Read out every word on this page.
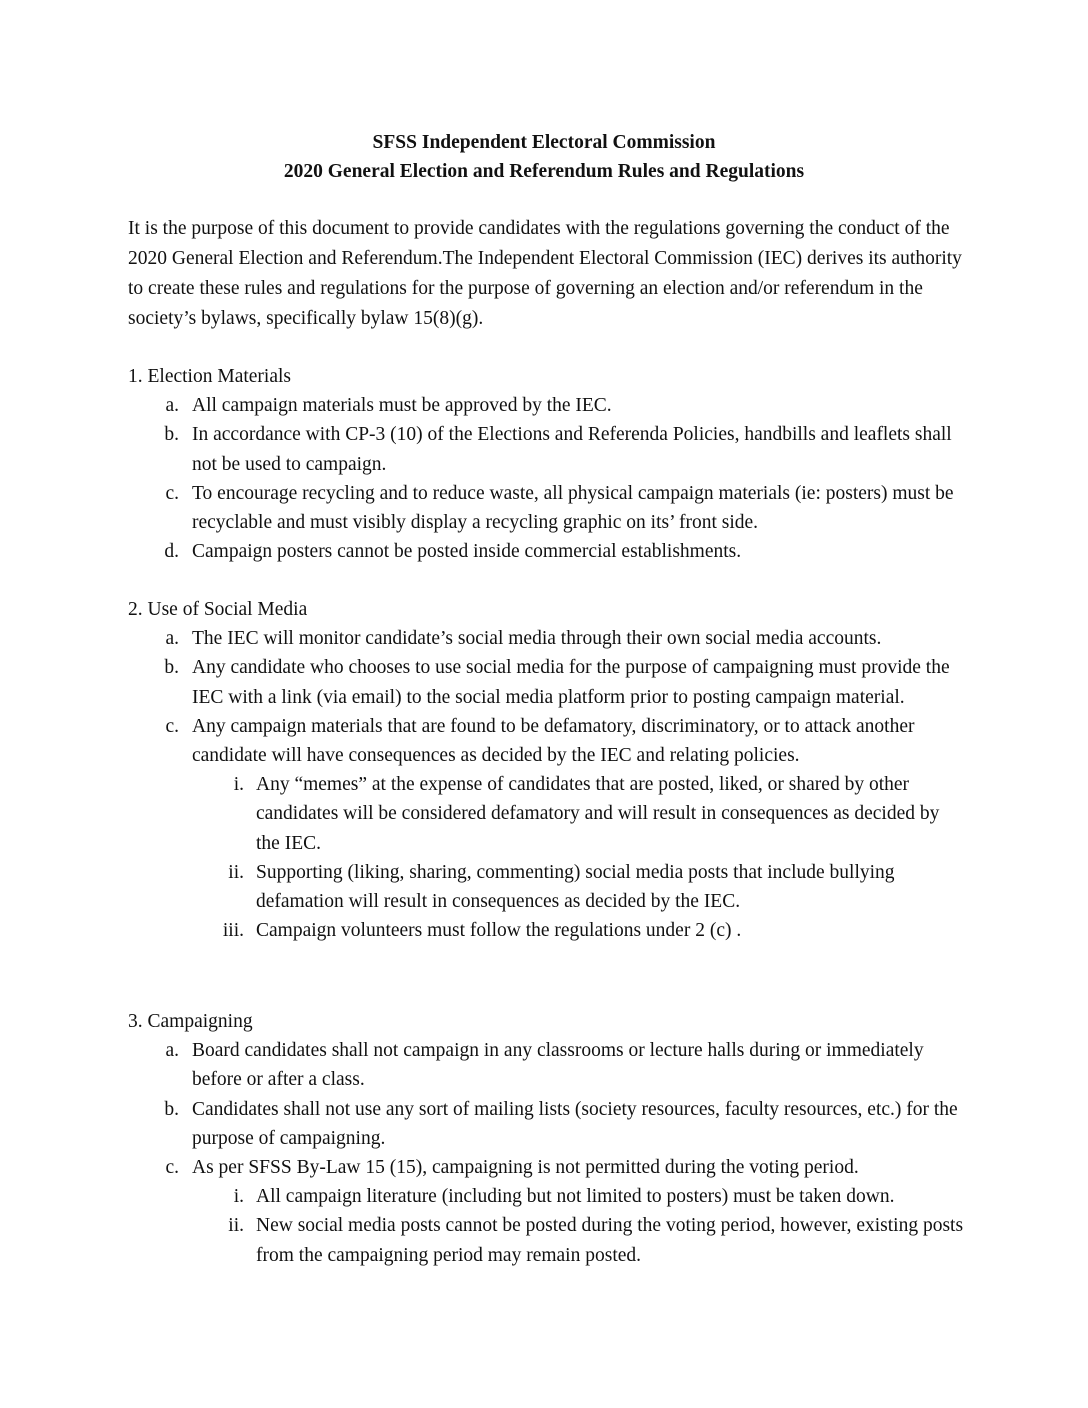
SFSS Independent Electoral Commission
2020 General Election and Referendum Rules and Regulations

It is the purpose of this document to provide candidates with the regulations governing the conduct of the 2020 General Election and Referendum.The Independent Electoral Commission (IEC) derives its authority to create these rules and regulations for the purpose of governing an election and/or referendum in the society’s bylaws, specifically bylaw 15(8)(g).

1. Election Materials
a. All campaign materials must be approved by the IEC.
b. In accordance with CP-3 (10) of the Elections and Referenda Policies, handbills and leaflets shall not be used to campaign.
c. To encourage recycling and to reduce waste, all physical campaign materials (ie: posters) must be recyclable and must visibly display a recycling graphic on its’ front side.
d. Campaign posters cannot be posted inside commercial establishments.
2. Use of Social Media
a. The IEC will monitor candidate’s social media through their own social media accounts.
b. Any candidate who chooses to use social media for the purpose of campaigning must provide the IEC with a link (via email) to the social media platform prior to posting campaign material.
c. Any campaign materials that are found to be defamatory, discriminatory, or to attack another candidate will have consequences as decided by the IEC and relating policies.
i. Any “memes” at the expense of candidates that are posted, liked, or shared by other candidates will be considered defamatory and will result in consequences as decided by the IEC.
ii. Supporting (liking, sharing, commenting) social media posts that include bullying defamation will result in consequences as decided by the IEC.
iii. Campaign volunteers must follow the regulations under 2 (c) .
3. Campaigning
a. Board candidates shall not campaign in any classrooms or lecture halls during or immediately before or after a class.
b. Candidates shall not use any sort of mailing lists (society resources, faculty resources, etc.) for the purpose of campaigning.
c. As per SFSS By-Law 15 (15), campaigning is not permitted during the voting period.
i. All campaign literature (including but not limited to posters) must be taken down.
ii. New social media posts cannot be posted during the voting period, however, existing posts from the campaigning period may remain posted.
